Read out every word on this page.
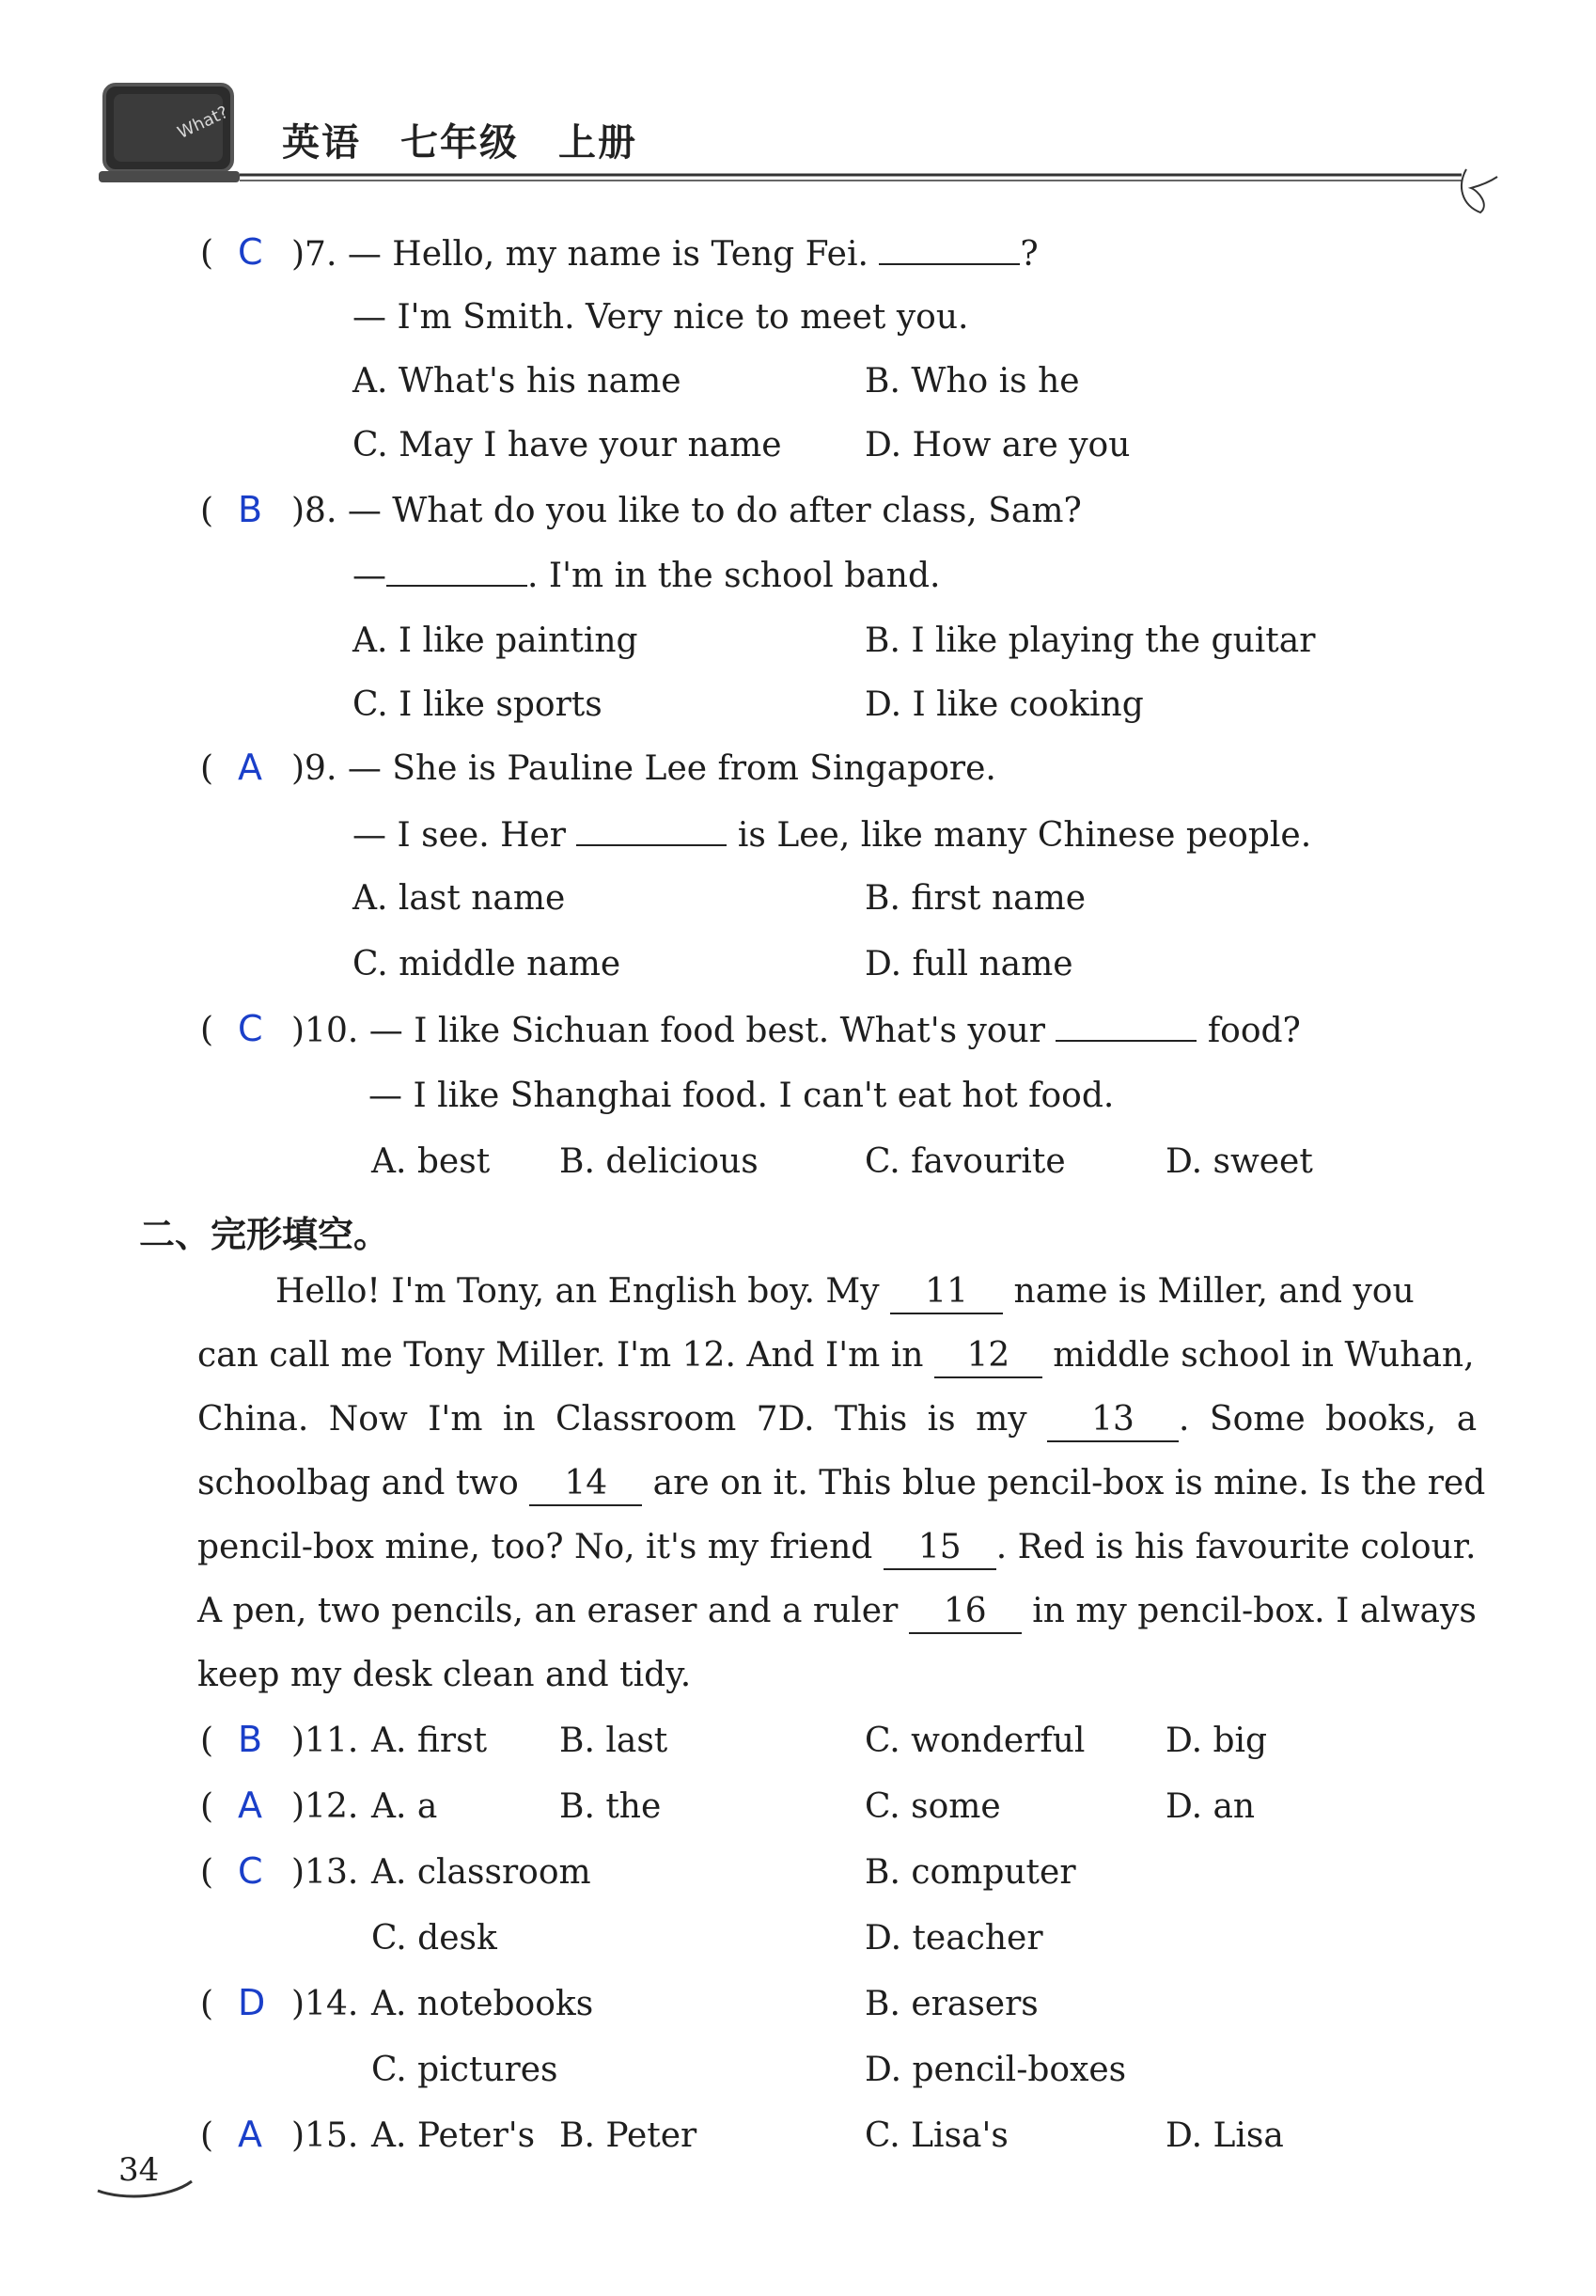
What? 英语　七年级　上册
( C )7. — Hello, my name is Teng Fei.	?
— I'm Smith. Very nice to meet you.
A. What's his name	B. Who is he
C. May I have your name D. How are you
( B )8. — What do you like to do after class, Sam?
—	. I'm in the school band.
A. I like painting	B. I like playing the guitar
C. I like sports	D. I like cooking
( A )9. — She is Pauline Lee from Singapore.
— I see. Her	is Lee, like many Chinese people.
A. last name	B. first name
C. middle name	D. full name
( C )10. — I like Sichuan food best. What's your	food?
— I like Shanghai food. I can't eat hot food.
A. best B. delicious	C. favourite	D. sweet
二、完形填空。
Hello! I'm Tony, an English boy. My 11 name is Miller, and you
can call me Tony Miller. I'm 12. And I'm in 12 middle school in Wuhan,
China. Now I'm in Classroom 7D. This is my 13 . Some books, a
schoolbag and two 14 are on it. This blue pencil-box is mine. Is the red
pencil-box mine, too? No, it's my friend 15 . Red is his favourite colour.
A pen, two pencils, an eraser and a ruler 16 in my pencil-box. I always
keep my desk clean and tidy.
( B )11. A. first B. last	C. wonderful D. big
( A )12. A. a	B. the	C. some	D. an
( C )13. A. classroom	B. computer
C. desk	D. teacher
( D )14. A. notebooks	B. erasers
C. pictures	D. pencil-boxes
( A )15. A. Peter's B. Peter	C. Lisa's	D. Lisa
34
